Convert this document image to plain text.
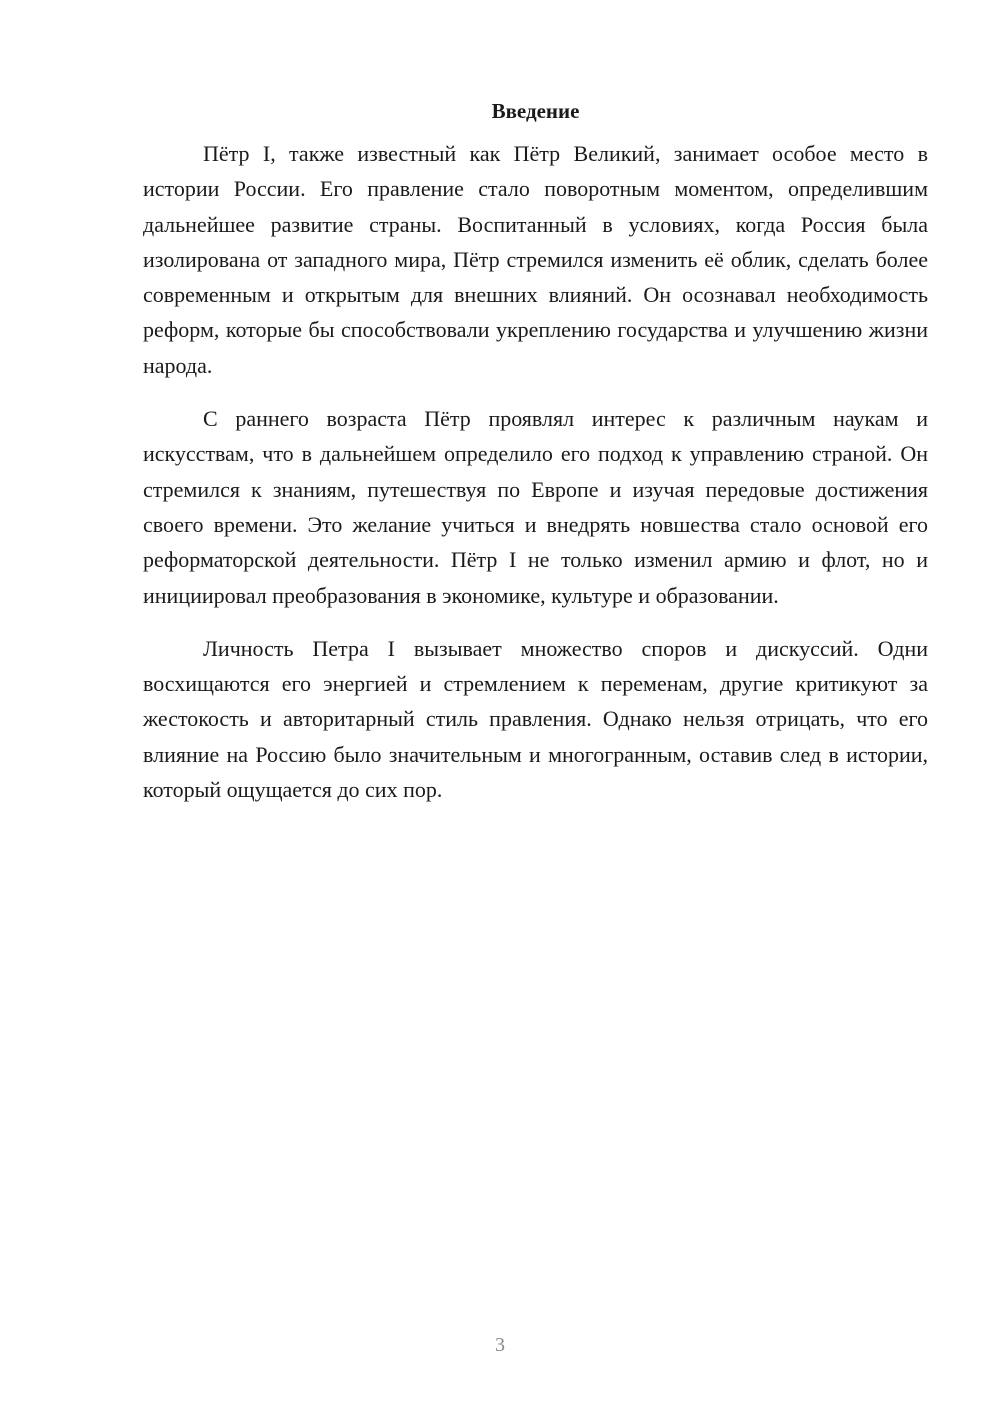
Введение

Пётр I, также известный как Пётр Великий, занимает особое место в истории России. Его правление стало поворотным моментом, определившим дальнейшее развитие страны. Воспитанный в условиях, когда Россия была изолирована от западного мира, Пётр стремился изменить её облик, сделать более современным и открытым для внешних влияний. Он осознавал необходимость реформ, которые бы способствовали укреплению государства и улучшению жизни народа.

С раннего возраста Пётр проявлял интерес к различным наукам и искусствам, что в дальнейшем определило его подход к управлению страной. Он стремился к знаниям, путешествуя по Европе и изучая передовые достижения своего времени. Это желание учиться и внедрять новшества стало основой его реформаторской деятельности. Пётр I не только изменил армию и флот, но и инициировал преобразования в экономике, культуре и образовании.

Личность Петра I вызывает множество споров и дискуссий. Одни восхищаются его энергией и стремлением к переменам, другие критикуют за жестокость и авторитарный стиль правления. Однако нельзя отрицать, что его влияние на Россию было значительным и многогранным, оставив след в истории, который ощущается до сих пор.

3
